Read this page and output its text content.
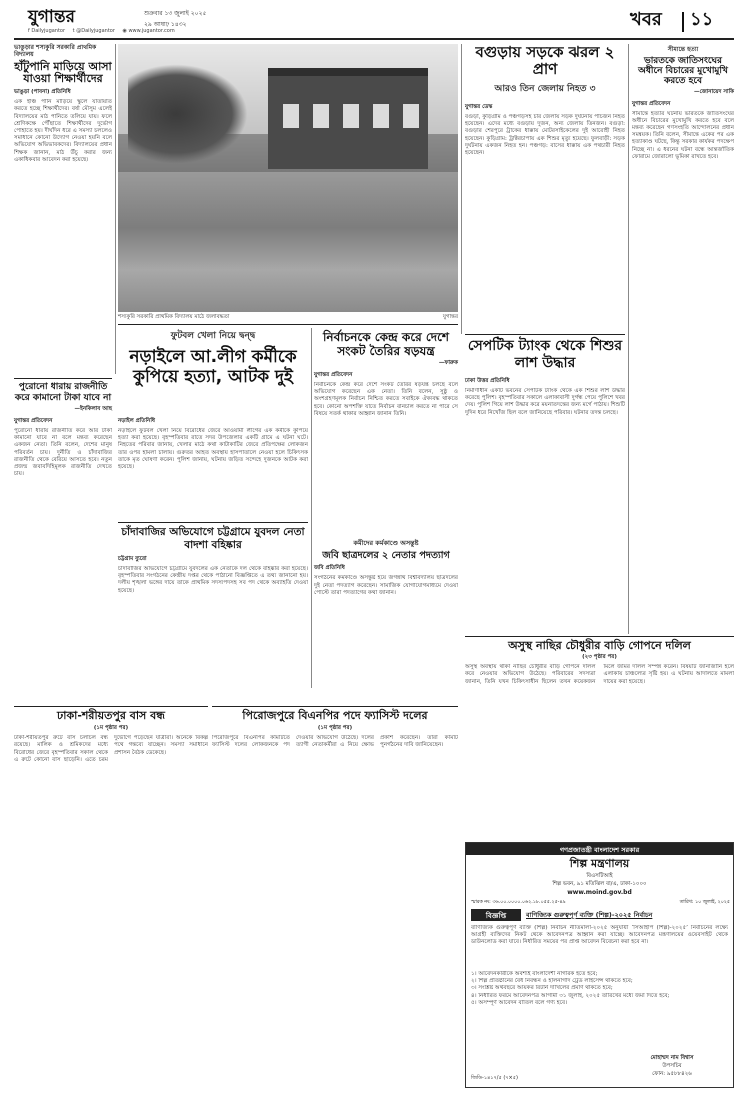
যুগান্তর	শুক্রবার ১৩ জুলাই ২০২৫
২৯ আষাঢ় ১৪৩২
f Dailyjugantor t @Dailyjugantor ◉ www.jugantor.com
খবর ১১
ভাঙুড়ার শস্যকুরি সরকারি প্রাথমিক বিদ্যালয়
হাঁটুপানি মাড়িয়ে আসা যাওয়া শিক্ষার্থীদের
ভাঙুড়া (পাবনা) প্রতিনিধি
এক ইঞ্চি পানি মাড়িয়ে স্কুলে যাতায়াত করতে হচ্ছে শিক্ষার্থীদের। বর্ষা মৌসুম এলেই বিদ্যালয়ের মাঠ পানিতে তলিয়ে যায়। ফলে শ্রেণিকক্ষে পৌঁছাতে শিক্ষার্থীদের দুর্ভোগ পোহাতে হয়। দীর্ঘদিন ধরে এ সমস্যা চললেও সমাধানে কোনো উদ্যোগ নেওয়া হয়নি বলে অভিযোগ অভিভাবকদের। বিদ্যালয়ের প্রধান শিক্ষক জানান, মাঠ উঁচু করার জন্য একাধিকবার আবেদন করা হয়েছে।
শস্যকুরি সরকারি প্রাথমিক বিদ্যালয় মাঠে জলাবদ্ধতা	যুগান্তর
বগুড়ায় সড়কে ঝরল ২ প্রাণ
আরও তিন জেলায় নিহত ৩
যুগান্তর ডেস্ক
বগুড়া, কুড়িগ্রাম ও পঞ্চগড়সহ চার জেলায় সড়ক দুর্ঘটনায় পাঁচজন নিহত হয়েছেন। এদের মধ্যে বগুড়ায় দুজন, অন্য জেলায় তিনজন। বগুড়া: বগুড়ার শেরপুরে ট্রাকের ধাক্কায় মোটরসাইকেলের দুই আরোহী নিহত হয়েছেন। কুড়িগ্রাম: ট্রাক্টরচাপায় এক শিশুর মৃত্যু হয়েছে। ফুলবাড়ী: সড়ক দুর্ঘটনায় একজন নিহত হন। পঞ্চগড়: বাসের ধাক্কায় এক পথচারী নিহত হয়েছেন।
সীমান্তে হত্যা
ভারতকে জাতিসংঘের অধীনে বিচারের মুখোমুখি করতে হবে
—জোনায়েদ সাকি
যুগান্তর প্রতিবেদন
সীমান্তে হত্যার ঘটনায় ভারতকে জাতিসংঘের অধীনে বিচারের মুখোমুখি করতে হবে বলে মন্তব্য করেছেন গণসংহতি আন্দোলনের প্রধান সমন্বয়ক। তিনি বলেন, সীমান্তে একের পর এক হত্যাকাণ্ড ঘটছে, কিন্তু সরকার কার্যকর পদক্ষেপ নিচ্ছে না। এ ধরনের ঘটনা বন্ধে আন্তর্জাতিক ফোরামে জোরালো ভূমিকা রাখতে হবে।
ফুটবল খেলা নিয়ে দ্বন্দ্ব
নড়াইলে আ.লীগ কর্মীকে কুপিয়ে হত্যা, আটক দুই
নড়াইল প্রতিনিধি
নড়াইলে ফুটবল খেলা নিয়ে বিরোধের জেরে আওয়ামী লীগের এক কর্মীকে কুপিয়ে হত্যা করা হয়েছে। বৃহস্পতিবার রাতে সদর উপজেলার একটি গ্রামে এ ঘটনা ঘটে। নিহতের পরিবার জানায়, খেলার মাঠে কথা কাটাকাটির জেরে প্রতিপক্ষের লোকজন তার ওপর হামলা চালায়। গুরুতর আহত অবস্থায় হাসপাতালে নেওয়া হলে চিকিৎসক তাকে মৃত ঘোষণা করেন। পুলিশ জানায়, ঘটনায় জড়িত সন্দেহে দুজনকে আটক করা হয়েছে।
নির্বাচনকে কেন্দ্র করে দেশে সংকট তৈরির ষড়যন্ত্র
—ফারুক
যুগান্তর প্রতিবেদন
নির্বাচনকে কেন্দ্র করে দেশে সংকট তৈরির ষড়যন্ত্র চলছে বলে অভিযোগ করেছেন এক নেতা। তিনি বলেন, সুষ্ঠু ও অংশগ্রহণমূলক নির্বাচন নিশ্চিত করতে সবাইকে ঐক্যবদ্ধ থাকতে হবে। কোনো অপশক্তি যাতে নির্বাচন বানচাল করতে না পারে সে বিষয়ে সতর্ক থাকার আহ্বান জানান তিনি।
সেপটিক ট্যাংক থেকে শিশুর লাশ উদ্ধার
ঢাকা উত্তর প্রতিনিধি
নির্মাণাধীন একটি ভবনের সেপটিক ট্যাংক থেকে এক শিশুর লাশ উদ্ধার করেছে পুলিশ। বৃহস্পতিবার সকালে এলাকাবাসী দুর্গন্ধ পেয়ে পুলিশে খবর দেয়। পুলিশ গিয়ে লাশ উদ্ধার করে ময়নাতদন্তের জন্য মর্গে পাঠায়। শিশুটি দুদিন ধরে নিখোঁজ ছিল বলে জানিয়েছে পরিবার। ঘটনার তদন্ত চলছে।
পুরোনো ধারায় রাজনীতি করে কামানো টাকা যাবে না
—ইনকিলাব আছ
যুগান্তর প্রতিবেদন
পুরোনো ধারায় রাজনীতি করে আর টাকা কামানো যাবে না বলে মন্তব্য করেছেন একজন নেতা। তিনি বলেন, দেশের মানুষ পরিবর্তন চায়। দুর্নীতি ও চাঁদাবাজির রাজনীতি থেকে বেরিয়ে আসতে হবে। নতুন প্রজন্ম জবাবদিহিমূলক রাজনীতি দেখতে চায়।
চাঁদাবাজির অভিযোগে চট্টগ্রামে যুবদল নেতা বাদশা বহিষ্কার
চট্টগ্রাম ব্যুরো
চাঁদাবাজির অভিযোগে চট্টগ্রামে যুবদলের এক নেতাকে দল থেকে বহিষ্কার করা হয়েছে। বৃহস্পতিবার সংগঠনের কেন্দ্রীয় দপ্তর থেকে পাঠানো বিজ্ঞপ্তিতে এ তথ্য জানানো হয়। দলীয় শৃঙ্খলা ভঙ্গের দায়ে তাকে প্রাথমিক সদস্যপদসহ সব পদ থেকে অব্যাহতি দেওয়া হয়েছে।
কমীদের কর্মকাণ্ডে অসন্তুষ্ট
জবি ছাত্রদলের ২ নেতার পদত্যাগ
জবি প্রতিনিধি
সংগঠনের কর্মকাণ্ডে অসন্তুষ্ট হয়ে জগন্নাথ বিশ্ববিদ্যালয় ছাত্রদলের দুই নেতা পদত্যাগ করেছেন। সামাজিক যোগাযোগমাধ্যমে দেওয়া পোস্টে তারা পদত্যাগের কথা জানান।
অসুস্থ নাছির চৌধুরীর বাড়ি গোপনে দলিল
(২৩ পৃষ্ঠার পর)
অসুস্থ অবস্থায় থাকা নাছির চৌধুরীর বাড়ি গোপনে দলিল করে নেওয়ার অভিযোগ উঠেছে। পরিবারের সদস্যরা জানান, তিনি যখন চিকিৎসাধীন ছিলেন তখন কয়েকজন মিলে জমির দলিল সম্পন্ন করেন। বিষয়টি জানাজানি হলে এলাকায় চাঞ্চল্যের সৃষ্টি হয়। এ ঘটনায় আদালতে মামলা দায়ের করা হয়েছে।
ঢাকা-শরীয়তপুর বাস বন্ধ
(১ম পৃষ্ঠার পর)
ঢাকা-শরীয়তপুর রুটে বাস চলাচল বন্ধ রয়েছে। মালিক ও শ্রমিকদের মধ্যে বিরোধের জেরে বৃহস্পতিবার সকাল থেকে এ রুটে কোনো বাস ছাড়েনি। এতে চরম দুর্ভোগে পড়েছেন যাত্রীরা। অনেকে বিকল্প পথে গন্তব্যে যাচ্ছেন। সমস্যা সমাধানে প্রশাসন বৈঠক ডেকেছে।
পিরোজপুরে বিএনপির পদে ফ্যাসিস্ট দলের
(১ম পৃষ্ঠার পর)
পিরোজপুরে বিএনপির কমিটিতে ফ্যাসিস্ট দলের লোকজনকে পদ দেওয়ার অভিযোগ উঠেছে। দলের ত্যাগী নেতাকর্মীরা এ নিয়ে ক্ষোভ প্রকাশ করেছেন। তারা কমিটি পুনর্গঠনের দাবি জানিয়েছেন।
গণপ্রজাতন্ত্রী বাংলাদেশ সরকার
শিল্প মন্ত্রণালয়
বিএসটিআই
শিল্প ভবন, ৯১ মতিঝিল বা/এ, ঢাকা-১০০০
www.moind.gov.bd
স্মারক নং: ৩৬.০০.০০০০.০৬২.১৮.০৫৫.২৫-৪৯	তারিখ: ১০ জুলাই, ২০২৫
বিজ্ঞপ্তি	বাণিজ্যিক গুরুত্বপূর্ণ ব্যক্তি (শিল্প)-২০২৫ নির্বাচন
বাণিজ্যিক গুরুত্বপূর্ণ ব্যক্তি (শিল্প) নির্বাচন নীতিমালা-২০২৫ অনুযায়ী ‘সিআইপি (শিল্প)-২০২৫’ নির্বাচনের লক্ষ্যে আগ্রহী ব্যক্তিদের নিকট থেকে আবেদনপত্র আহ্বান করা যাচ্ছে। আবেদনপত্র মন্ত্রণালয়ের ওয়েবসাইট থেকে ডাউনলোড করা যাবে। নির্ধারিত সময়ের পর প্রাপ্ত আবেদন বিবেচনা করা হবে না।
১। আবেদনকারীকে অবশ্যই বাংলাদেশী নাগরিক হতে হবে;
২। শিল্প প্রতিষ্ঠানের বৈধ নিবন্ধন ও হালনাগাদ ট্রেড লাইসেন্স থাকতে হবে;
৩। সংশ্লিষ্ট অর্থবছরে আয়কর রিটার্ন দাখিলের প্রমাণ থাকতে হবে;
৪। নির্ধারিত ফরমে আবেদনপত্র আগামী ৩১ জুলাই, ২০২৫ তারিখের মধ্যে জমা দিতে হবে;
৫। অসম্পূর্ণ আবেদন বাতিল বলে গণ্য হবে।
মোহাম্মদ নাম বিশ্বাস
উপসচিব
ফোন: ৯৫৮৮৪২৬
জিডি-১৪১৭/৫ (৭×৫)
